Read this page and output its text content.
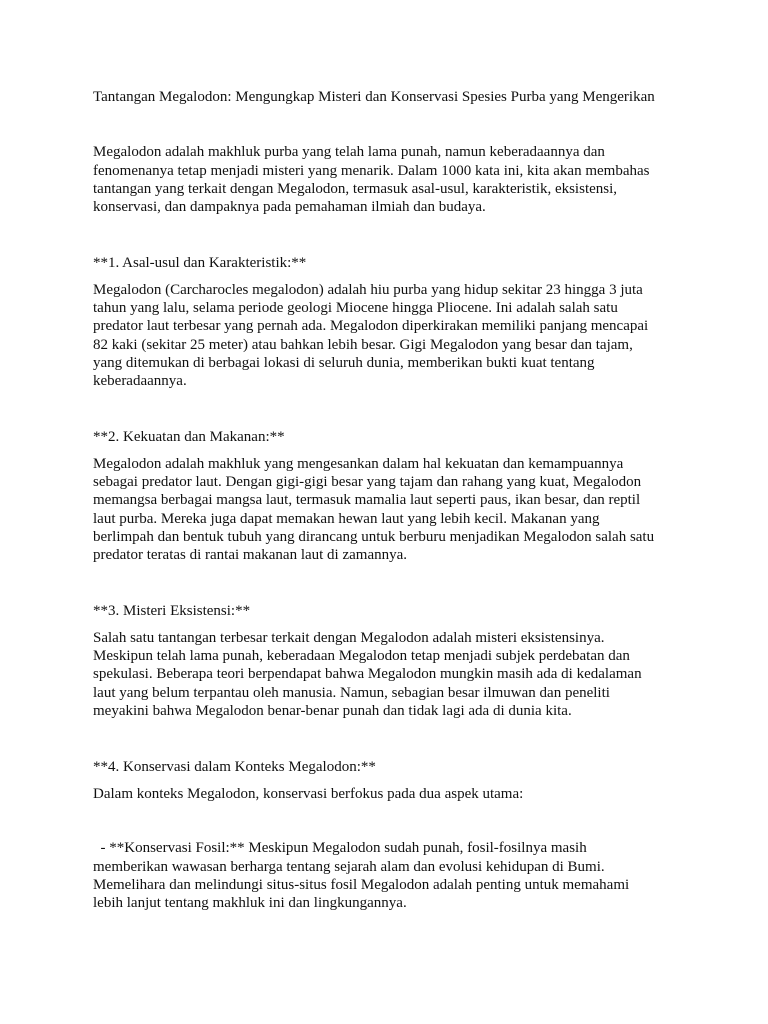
Tantangan Megalodon: Mengungkap Misteri dan Konservasi Spesies Purba yang Mengerikan
Megalodon adalah makhluk purba yang telah lama punah, namun keberadaannya dan
fenomenanya tetap menjadi misteri yang menarik. Dalam 1000 kata ini, kita akan membahas
tantangan yang terkait dengan Megalodon, termasuk asal-usul, karakteristik, eksistensi,
konservasi, dan dampaknya pada pemahaman ilmiah dan budaya.
**1. Asal-usul dan Karakteristik:**
Megalodon (Carcharocles megalodon) adalah hiu purba yang hidup sekitar 23 hingga 3 juta
tahun yang lalu, selama periode geologi Miocene hingga Pliocene. Ini adalah salah satu
predator laut terbesar yang pernah ada. Megalodon diperkirakan memiliki panjang mencapai
82 kaki (sekitar 25 meter) atau bahkan lebih besar. Gigi Megalodon yang besar dan tajam,
yang ditemukan di berbagai lokasi di seluruh dunia, memberikan bukti kuat tentang
keberadaannya.
**2. Kekuatan dan Makanan:**
Megalodon adalah makhluk yang mengesankan dalam hal kekuatan dan kemampuannya
sebagai predator laut. Dengan gigi-gigi besar yang tajam dan rahang yang kuat, Megalodon
memangsa berbagai mangsa laut, termasuk mamalia laut seperti paus, ikan besar, dan reptil
laut purba. Mereka juga dapat memakan hewan laut yang lebih kecil. Makanan yang
berlimpah dan bentuk tubuh yang dirancang untuk berburu menjadikan Megalodon salah satu
predator teratas di rantai makanan laut di zamannya.
**3. Misteri Eksistensi:**
Salah satu tantangan terbesar terkait dengan Megalodon adalah misteri eksistensinya.
Meskipun telah lama punah, keberadaan Megalodon tetap menjadi subjek perdebatan dan
spekulasi. Beberapa teori berpendapat bahwa Megalodon mungkin masih ada di kedalaman
laut yang belum terpantau oleh manusia. Namun, sebagian besar ilmuwan dan peneliti
meyakini bahwa Megalodon benar-benar punah dan tidak lagi ada di dunia kita.
**4. Konservasi dalam Konteks Megalodon:**
Dalam konteks Megalodon, konservasi berfokus pada dua aspek utama:
- **Konservasi Fosil:** Meskipun Megalodon sudah punah, fosil-fosilnya masih
memberikan wawasan berharga tentang sejarah alam dan evolusi kehidupan di Bumi.
Memelihara dan melindungi situs-situs fosil Megalodon adalah penting untuk memahami
lebih lanjut tentang makhluk ini dan lingkungannya.
